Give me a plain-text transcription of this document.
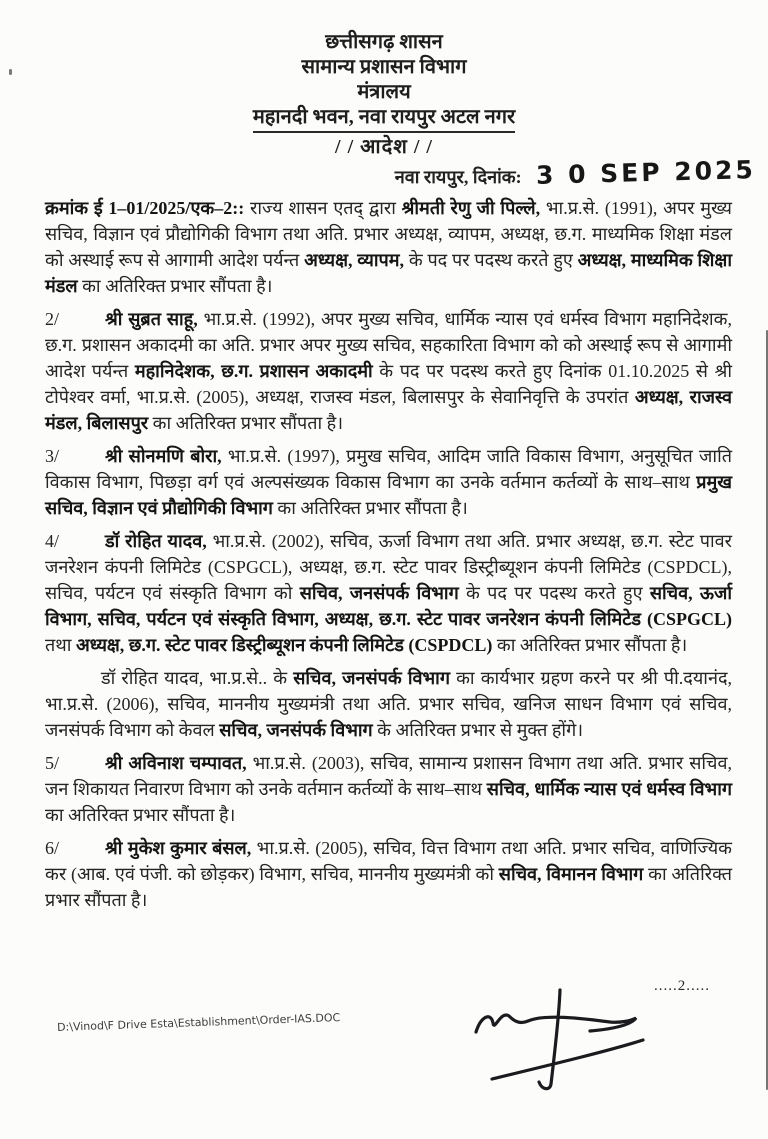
छत्तीसगढ़ शासन
सामान्य प्रशासन विभाग
मंत्रालय
महानदी भवन, नवा रायपुर अटल नगर
/ / आदेश / /
नवा रायपुर, दिनांक: 3 0 SEP 2025

क्रमांक ई 1–01/2025/एक–2:: राज्य शासन एतद् द्वारा श्रीमती रेणु जी पिल्ले, भा.प्र.से. (1991), अपर मुख्य सचिव, विज्ञान एवं प्रौद्योगिकी विभाग तथा अति. प्रभार अध्यक्ष, व्यापम, अध्यक्ष, छ.ग. माध्यमिक शिक्षा मंडल को अस्थाई रूप से आगामी आदेश पर्यन्त अध्यक्ष, व्यापम, के पद पर पदस्थ करते हुए अध्यक्ष, माध्यमिक शिक्षा मंडल का अतिरिक्त प्रभार सौंपता है।

2/	श्री सुब्रत साहू, भा.प्र.से. (1992), अपर मुख्य सचिव, धार्मिक न्यास एवं धर्मस्व विभाग महानिदेशक, छ.ग. प्रशासन अकादमी का अति. प्रभार अपर मुख्य सचिव, सहकारिता विभाग को को अस्थाई रूप से आगामी आदेश पर्यन्त महानिदेशक, छ.ग. प्रशासन अकादमी के पद पर पदस्थ करते हुए दिनांक 01.10.2025 से श्री टोपेश्वर वर्मा, भा.प्र.से. (2005), अध्यक्ष, राजस्व मंडल, बिलासपुर के सेवानिवृत्ति के उपरांत अध्यक्ष, राजस्व मंडल, बिलासपुर का अतिरिक्त प्रभार सौंपता है।

3/	श्री सोनमणि बोरा, भा.प्र.से. (1997), प्रमुख सचिव, आदिम जाति विकास विभाग, अनुसूचित जाति विकास विभाग, पिछड़ा वर्ग एवं अल्पसंख्यक विकास विभाग का उनके वर्तमान कर्तव्यों के साथ–साथ प्रमुख सचिव, विज्ञान एवं प्रौद्योगिकी विभाग का अतिरिक्त प्रभार सौंपता है।

4/	डॉ रोहित यादव, भा.प्र.से. (2002), सचिव, ऊर्जा विभाग तथा अति. प्रभार अध्यक्ष, छ.ग. स्टेट पावर जनरेशन कंपनी लिमिटेड (CSPGCL), अध्यक्ष, छ.ग. स्टेट पावर डिस्ट्रीब्यूशन कंपनी लिमिटेड (CSPDCL), सचिव, पर्यटन एवं संस्कृति विभाग को सचिव, जनसंपर्क विभाग के पद पर पदस्थ करते हुए सचिव, ऊर्जा विभाग, सचिव, पर्यटन एवं संस्कृति विभाग, अध्यक्ष, छ.ग. स्टेट पावर जनरेशन कंपनी लिमिटेड (CSPGCL) तथा अध्यक्ष, छ.ग. स्टेट पावर डिस्ट्रीब्यूशन कंपनी लिमिटेड (CSPDCL) का अतिरिक्त प्रभार सौंपता है।

डॉ रोहित यादव, भा.प्र.से.. के सचिव, जनसंपर्क विभाग का कार्यभार ग्रहण करने पर श्री पी.दयानंद, भा.प्र.से. (2006), सचिव, माननीय मुख्यमंत्री तथा अति. प्रभार सचिव, खनिज साधन विभाग एवं सचिव, जनसंपर्क विभाग को केवल सचिव, जनसंपर्क विभाग के अतिरिक्त प्रभार से मुक्त होंगे।

5/	श्री अविनाश चम्पावत, भा.प्र.से. (2003), सचिव, सामान्य प्रशासन विभाग तथा अति. प्रभार सचिव, जन शिकायत निवारण विभाग को उनके वर्तमान कर्तव्यों के साथ–साथ सचिव, धार्मिक न्यास एवं धर्मस्व विभाग का अतिरिक्त प्रभार सौंपता है।

6/	श्री मुकेश कुमार बंसल, भा.प्र.से. (2005), सचिव, वित्त विभाग तथा अति. प्रभार सचिव, वाणिज्यिक कर (आब. एवं पंजी. को छोड़कर) विभाग, सचिव, माननीय मुख्यमंत्री को सचिव, विमानन विभाग का अतिरिक्त प्रभार सौंपता है।

.....2.....
D:\Vinod\F Drive Esta\Establishment\Order-IAS.DOC
